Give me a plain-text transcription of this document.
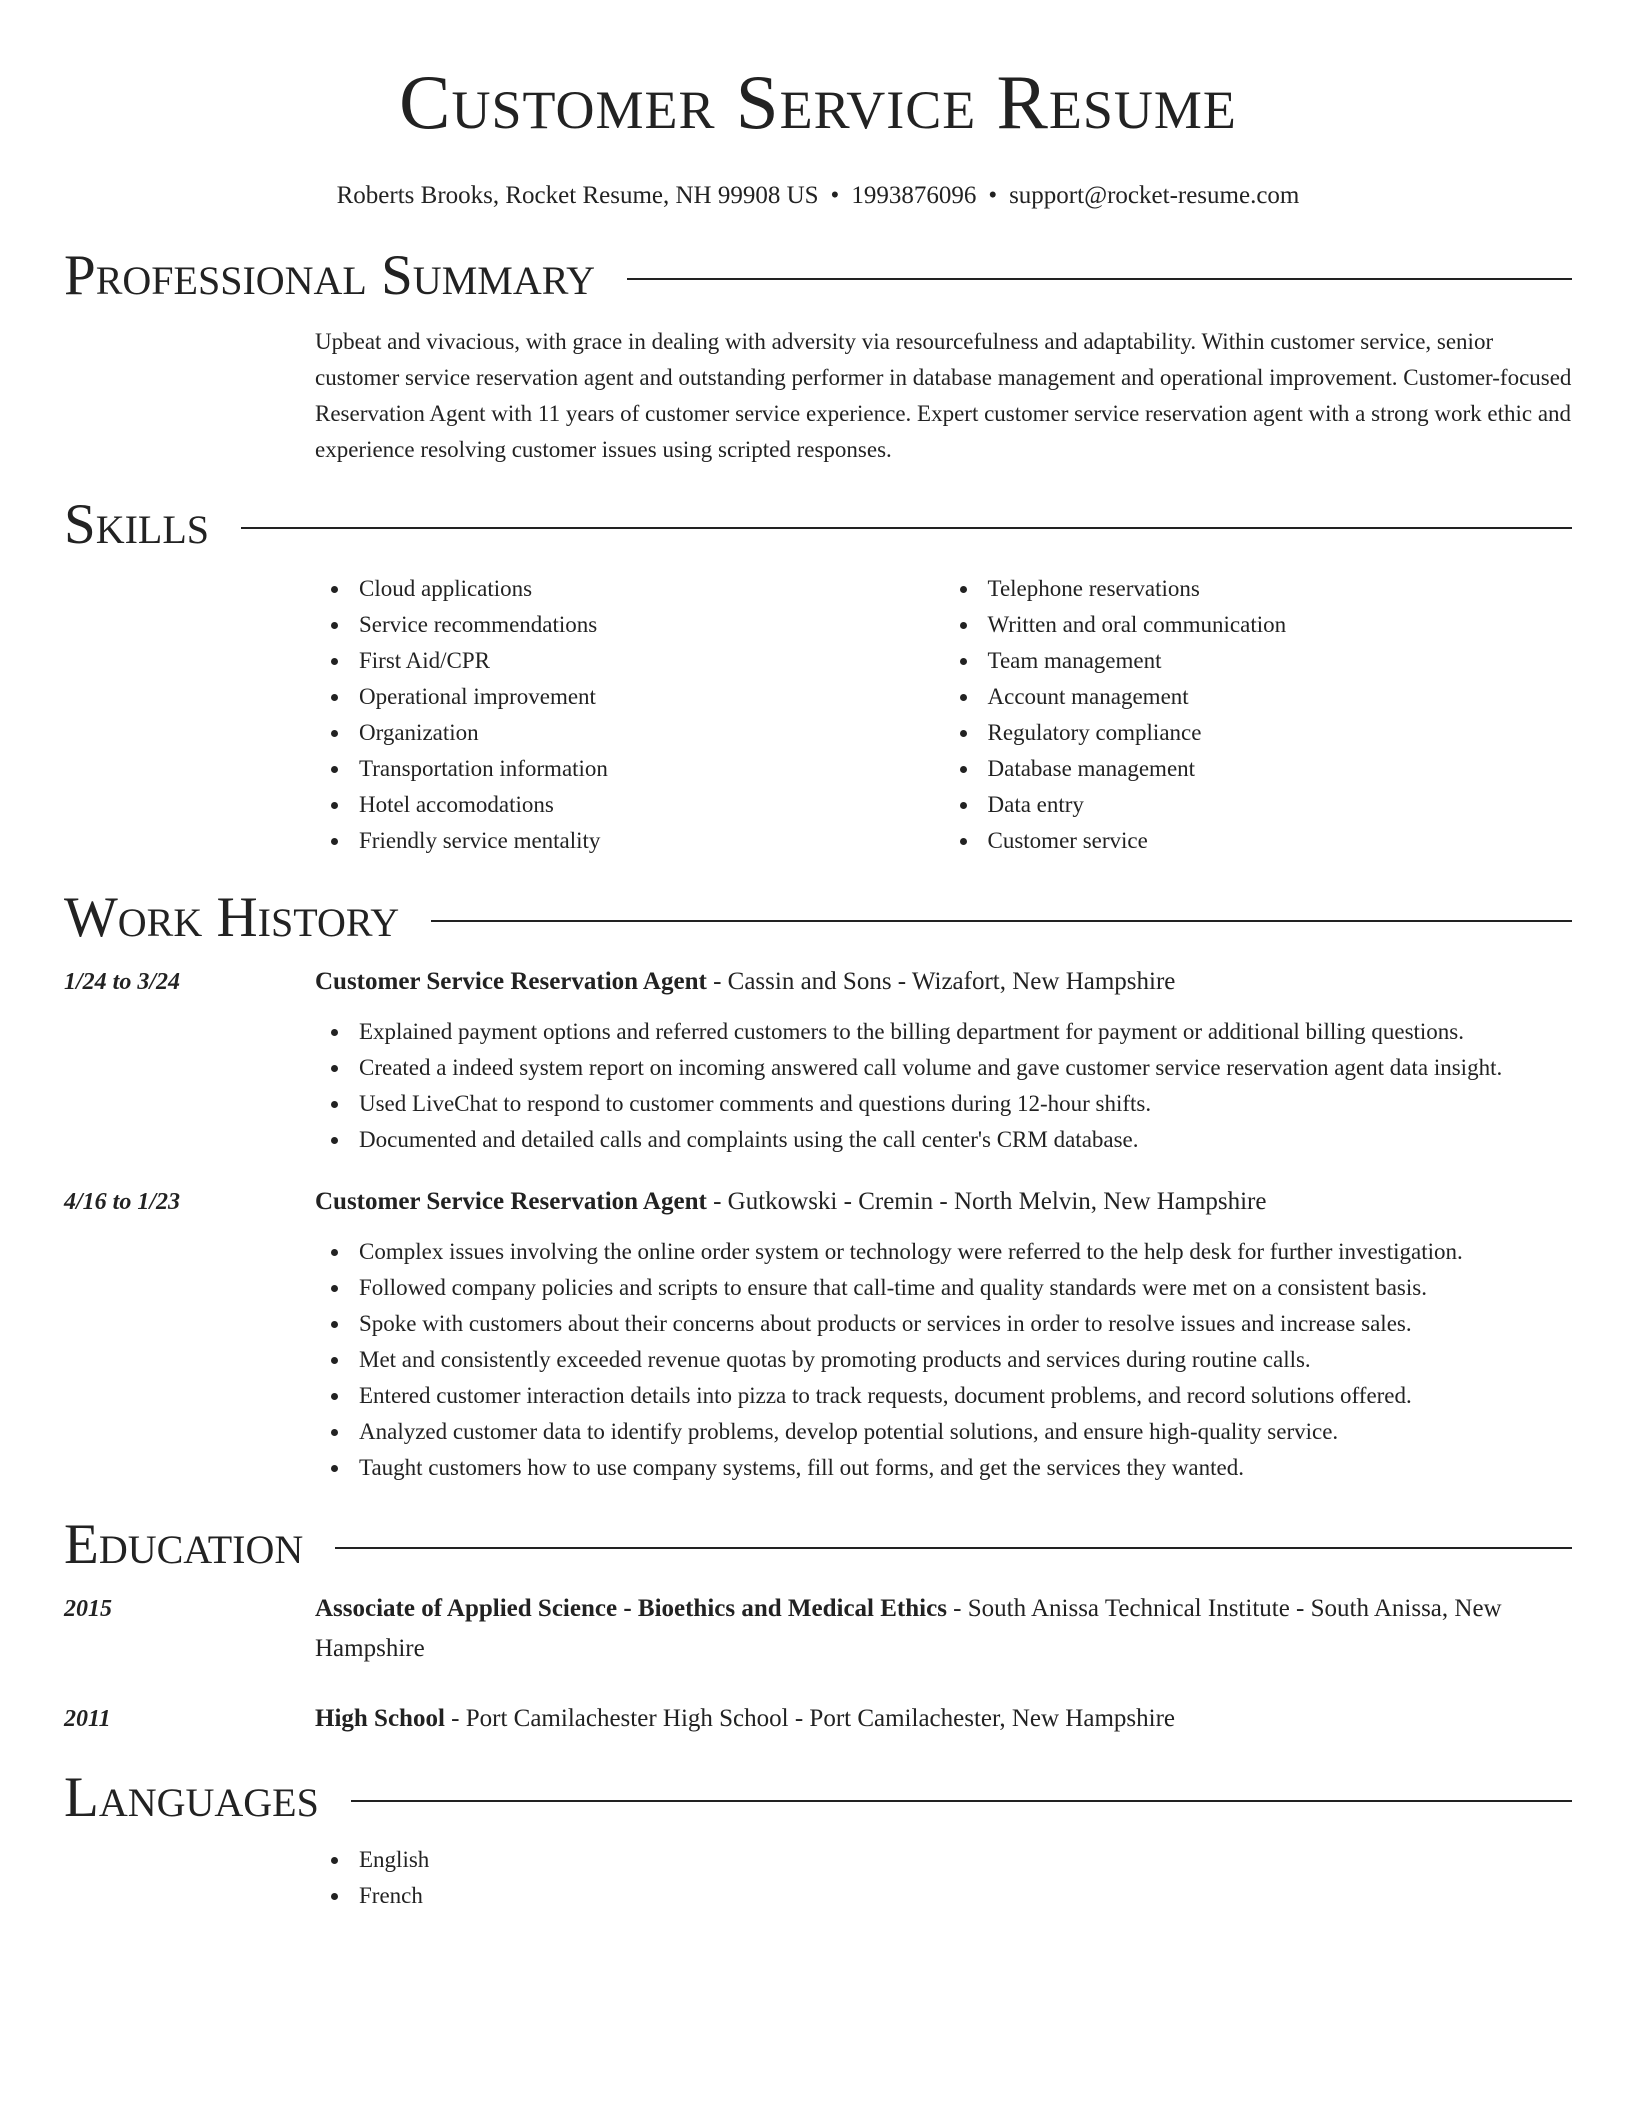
Customer Service Resume
Roberts Brooks, Rocket Resume, NH 99908 US • 1993876096 • support@rocket-resume.com
Professional Summary

Upbeat and vivacious, with grace in dealing with adversity via resourcefulness and adaptability. Within customer service, senior customer service reservation agent and outstanding performer in database management and operational improvement. Customer-focused Reservation Agent with 11 years of customer service experience. Expert customer service reservation agent with a strong work ethic and experience resolving customer issues using scripted responses.

Skills
Cloud applications
Service recommendations
First Aid/CPR
Operational improvement
Organization
Transportation information
Hotel accomodations
Friendly service mentality
Telephone reservations
Written and oral communication
Team management
Account management
Regulatory compliance
Database management
Data entry
Customer service
Work History
1/24 to 3/24	Customer Service Reservation Agent - Cassin and Sons - Wizafort, New Hampshire
Explained payment options and referred customers to the billing department for payment or additional billing questions.
Created a indeed system report on incoming answered call volume and gave customer service reservation agent data insight.
Used LiveChat to respond to customer comments and questions during 12-hour shifts.
Documented and detailed calls and complaints using the call center's CRM database.
4/16 to 1/23	Customer Service Reservation Agent - Gutkowski - Cremin - North Melvin, New Hampshire
Complex issues involving the online order system or technology were referred to the help desk for further investigation.
Followed company policies and scripts to ensure that call-time and quality standards were met on a consistent basis.
Spoke with customers about their concerns about products or services in order to resolve issues and increase sales.
Met and consistently exceeded revenue quotas by promoting products and services during routine calls.
Entered customer interaction details into pizza to track requests, document problems, and record solutions offered.
Analyzed customer data to identify problems, develop potential solutions, and ensure high-quality service.
Taught customers how to use company systems, fill out forms, and get the services they wanted.
Education
2015	Associate of Applied Science - Bioethics and Medical Ethics - South Anissa Technical Institute - South Anissa, New Hampshire
2011	High School - Port Camilachester High School - Port Camilachester, New Hampshire
Languages
English
French
